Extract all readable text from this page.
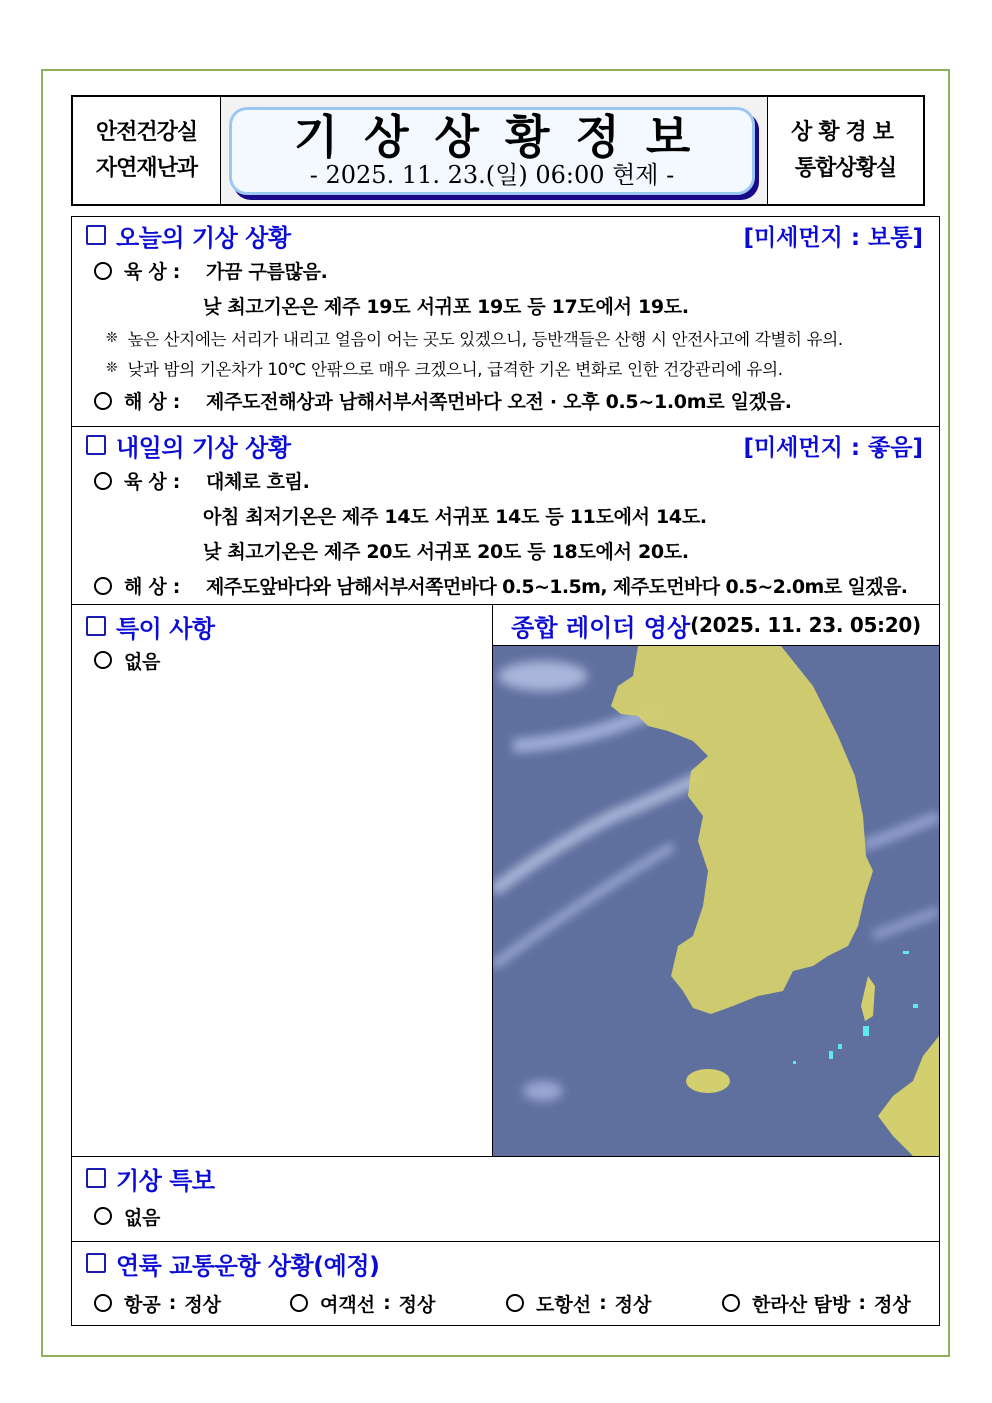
안전건강실
자연재난과
기상상황정보
- 2025. 11. 23.(일) 06:00 현제 -
상황경보
통합상황실
오늘의 기상 상황	[미세먼지 : 보통]
육 상 :	가끔 구름많음.
낮 최고기온은 제주 19도 서귀포 19도 등 17도에서 19도.
❊ 높은 산지에는 서리가 내리고 얼음이 어는 곳도 있겠으니, 등반객들은 산행 시 안전사고에 각별히 유의.
❊ 낮과 밤의 기온차가 10℃ 안팎으로 매우 크겠으니, 급격한 기온 변화로 인한 건강관리에 유의.
해 상 :	제주도전해상과 남해서부서쪽먼바다 오전 · 오후 0.5~1.0m로 일겠음.
내일의 기상 상황	[미세먼지 : 좋음]
육 상 :	대체로 흐림.
아침 최저기온은 제주 14도 서귀포 14도 등 11도에서 14도.
낮 최고기온은 제주 20도 서귀포 20도 등 18도에서 20도.
해 상 :	제주도앞바다와 남해서부서쪽먼바다 0.5~1.5m, 제주도먼바다 0.5~2.0m로 일겠음.
특이 사항
없음
종합 레이더 영상 (2025. 11. 23. 05:20)
기상 특보
없음
연륙 교통운항 상황(예정)
항공 : 정상	여객선 : 정상	도항선 : 정상	한라산 탐방 : 정상
